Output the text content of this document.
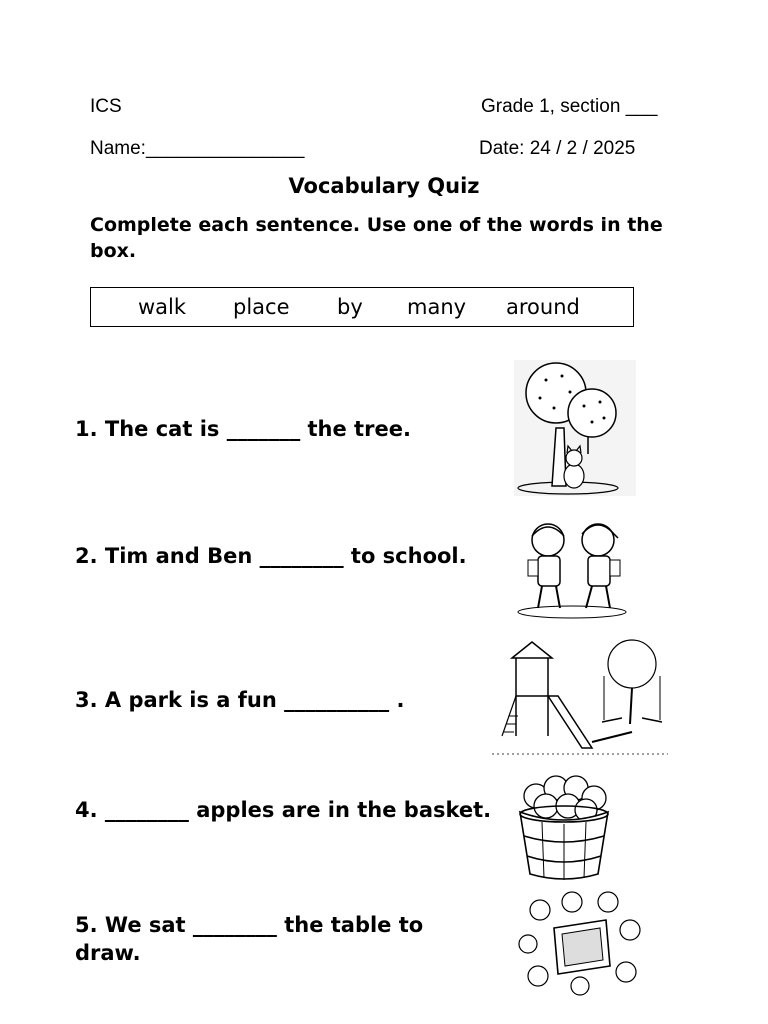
ICS	Grade 1, section ___
Name:_______________	Date: 24 / 2 / 2025
Vocabulary Quiz
Complete each sentence. Use one of the words in the box.
walk place by many around
1. The cat is _______ the tree.
2. Tim and Ben ________ to school.
3. A park is a fun __________ .
4. ________ apples are in the basket.
5. We sat ________ the table to draw.
